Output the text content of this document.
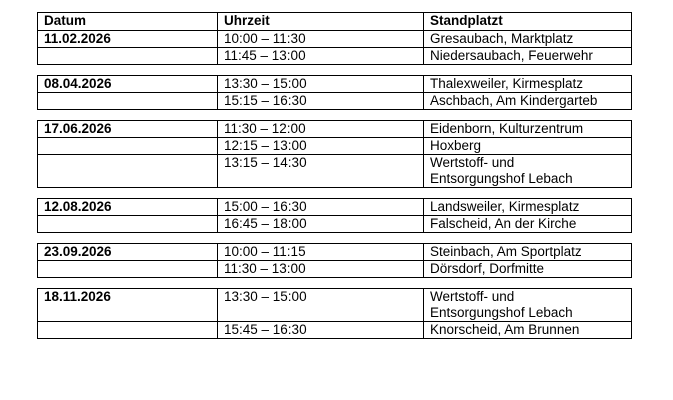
Datum	Uhrzeit	Standplatzt
11.02.2026	10:00 – 11:30	Gresaubach, Marktplatz
	11:45 – 13:00	Niedersaubach, Feuerwehr

08.04.2026	13:30 – 15:00	Thalexweiler, Kirmesplatz
	15:15 – 16:30	Aschbach, Am Kindergarteb

17.06.2026	11:30 – 12:00	Eidenborn, Kulturzentrum
	12:15 – 13:00	Hoxberg
	13:15 – 14:30	Wertstoff- und
Entsorgungshof Lebach

12.08.2026	15:00 – 16:30	Landsweiler, Kirmesplatz
	16:45 – 18:00	Falscheid, An der Kirche

23.09.2026	10:00 – 11:15	Steinbach, Am Sportplatz
	11:30 – 13:00	Dörsdorf, Dorfmitte

18.11.2026	13:30 – 15:00	Wertstoff- und
Entsorgungshof Lebach
	15:45 – 16:30	Knorscheid, Am Brunnen
